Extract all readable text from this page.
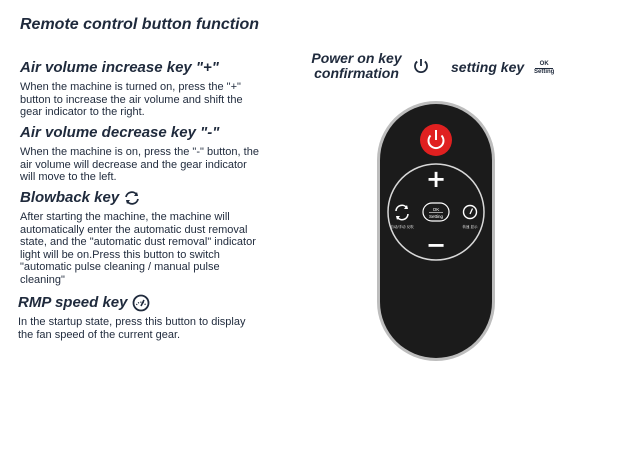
Remote control button function
Air volume increase key "+"
When the machine is turned on, press the "+" button to increase the air volume and shift the gear indicator to the right.
Air volume decrease key "-"
When the machine is on, press the "-" button, the air volume will decrease and the gear indicator will move to the left.
Blowback key
After starting the machine, the machine will automatically enter the automatic dust removal state, and the "automatic dust removal" indicator light will be on.Press this button to switch "automatic pulse cleaning / manual pulse cleaning"
RMP speed key
In the startup state, press this button to display the fan speed of the current gear.
Power on key confirmation	setting key	OK
Setting
+
−
OK
Setting
自动/手动 反吹	转速 显示
